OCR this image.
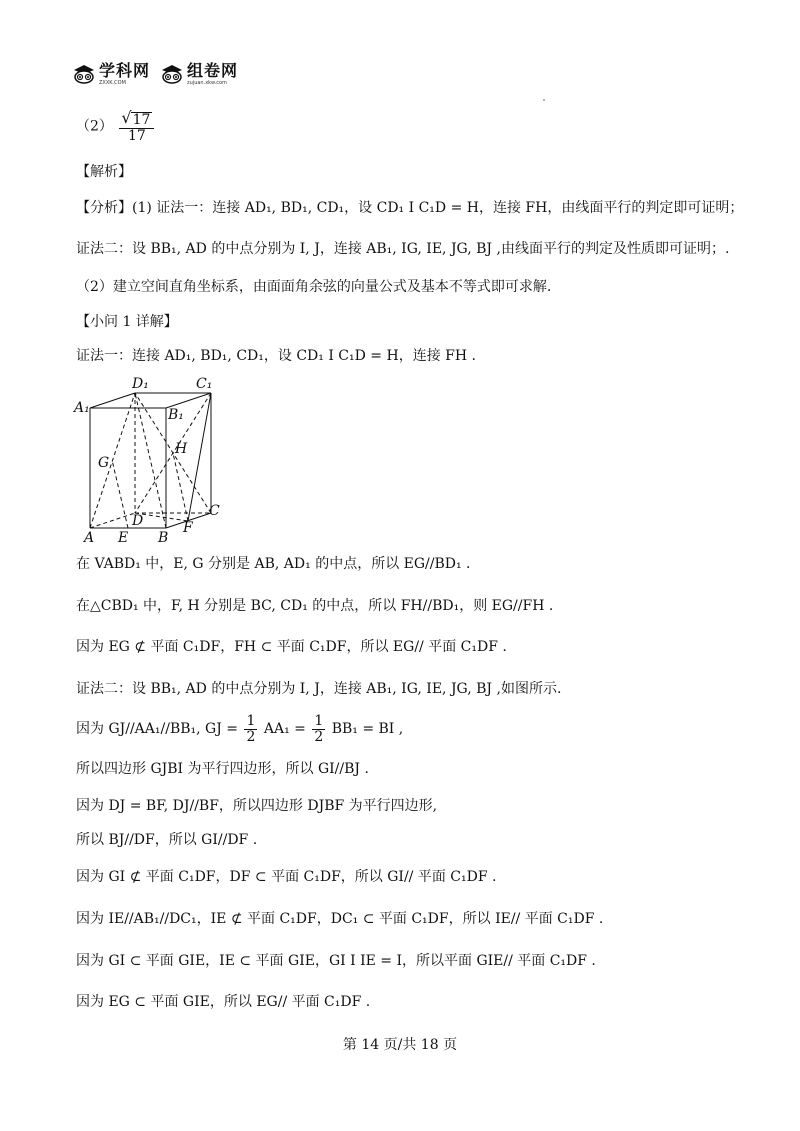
学科网
ZXXK.COM
组卷网
zujuan.xkw.com
$(2) \frac{√ 17}{17}$
【解析】
【分析】(1) 证法一：连接 AD₁, BD₁, CD₁，设 CD₁ I C₁D = H，连接 FH，由线面平行的判定即可证明；
证法二：设 BB₁, AD 的中点分别为 I, J，连接 AB₁, IG, IE, JG, BJ ,由线面平行的判定及性质即可证明；.
（2）建立空间直角坐标系，由面面角余弦的向量公式及基本不等式即可求解.
【小问 1 详解】
证法一：连接 AD₁, BD₁, CD₁，设 CD₁ I C₁D = H，连接 FH .
D₁	C₁
A₁	B₁
G
H
C
D	F
A E B
在 VABD₁ 中，E, G 分别是 AB, AD₁ 的中点，所以 EG//BD₁ .
在△CBD₁ 中，F, H 分别是 BC, CD₁ 的中点，所以 FH//BD₁，则 EG//FH .
因为 EG ⊄ 平面 C₁DF，FH ⊂ 平面 C₁DF，所以 EG// 平面 C₁DF .
证法二：设 BB₁, AD 的中点分别为 I, J，连接 AB₁, IG, IE, JG, BJ ,如图所示.
因为 GJ//AA₁//BB₁, GJ = $\frac{1}{2} AA_1 = \frac{1}{2} BB_1$ = BI ,
所以四边形 GJBI 为平行四边形，所以 GI//BJ .
因为 DJ = BF, DJ//BF，所以四边形 DJBF 为平行四边形,
所以 BJ//DF，所以 GI//DF .
因为 GI ⊄ 平面 C₁DF，DF ⊂ 平面 C₁DF，所以 GI// 平面 C₁DF .
因为 IE//AB₁//DC₁，IE ⊄ 平面 C₁DF，DC₁ ⊂ 平面 C₁DF，所以 IE// 平面 C₁DF .
因为 GI ⊂ 平面 GIE，IE ⊂ 平面 GIE，GI I IE = I，所以平面 GIE// 平面 C₁DF .
因为 EG ⊂ 平面 GIE，所以 EG// 平面 C₁DF .
第 14 页/共 18 页
